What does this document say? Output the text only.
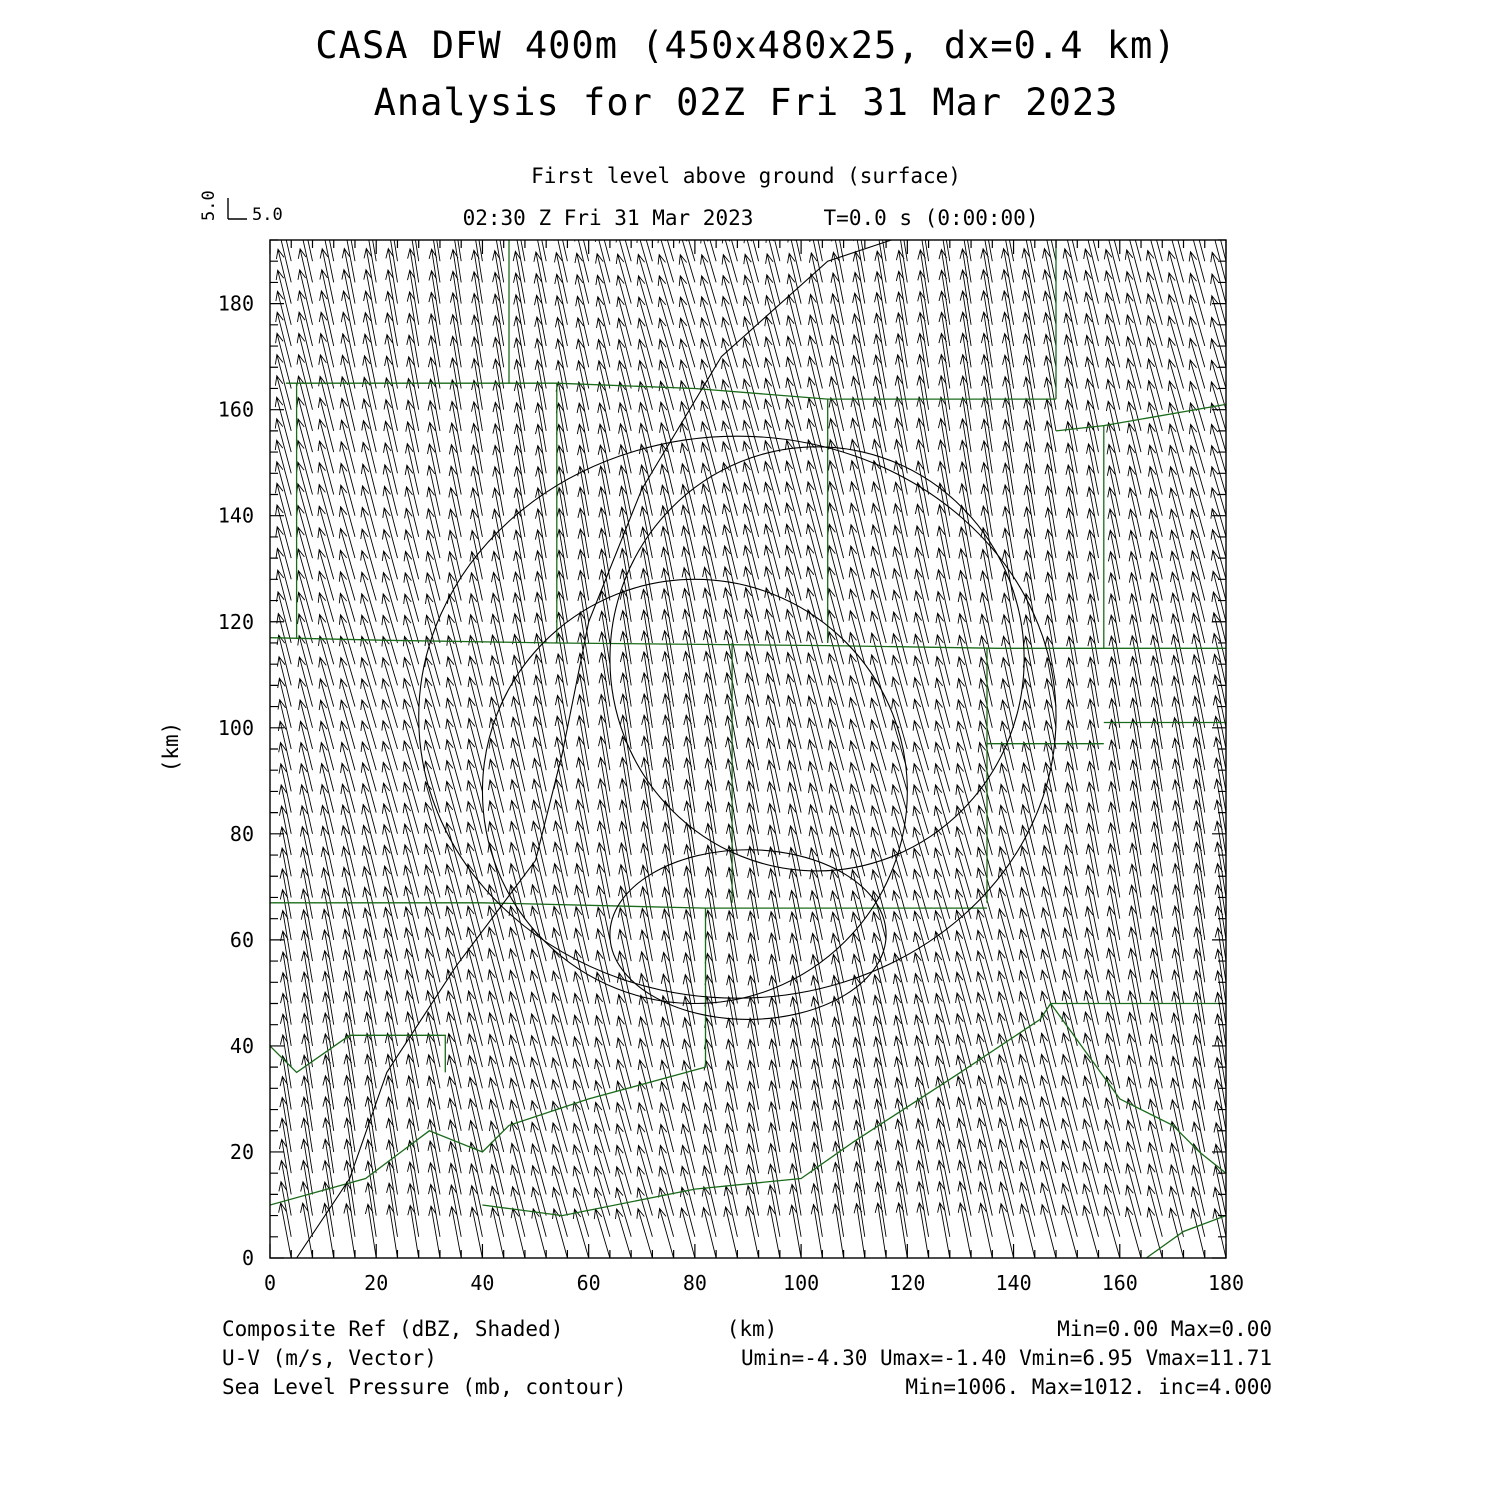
CASA DFW 400m (450x480x25, dx=0.4 km)
Analysis for 02Z Fri 31 Mar 2023
First level above ground (surface)
02:30 Z Fri 31 Mar 2023	T=0.0 s (0:00:00)
5.0 5.0
0	20	40	60	80	100	120	140	160	180
0
20
40
60
80
100
120
140
160
180
(km)
(km)
Composite Ref (dBZ, Shaded)	Min=0.00 Max=0.00
U-V (m/s, Vector)	Umin=-4.30 Umax=-1.40 Vmin=6.95 Vmax=11.71
Sea Level Pressure (mb, contour)	Min=1006. Max=1012. inc=4.000
